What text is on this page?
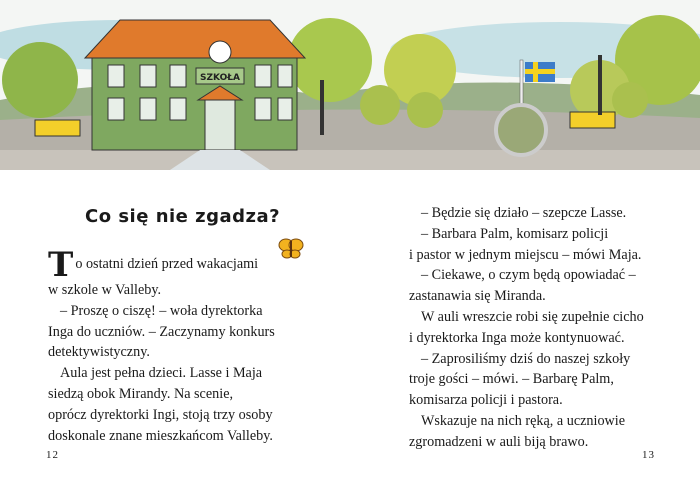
SZKOŁA
Co się nie zgadza?
To ostatni dzień przed wakacjami
w szkole w Valleby.
– Proszę o ciszę! – woła dyrektorka
Inga do uczniów. – Zaczynamy konkurs
detektywistyczny.
Aula jest pełna dzieci. Lasse i Maja
siedzą obok Mirandy. Na scenie,
oprócz dyrektorki Ingi, stoją trzy osoby
doskonale znane mieszkańcom Valleby.
– Będzie się działo – szepcze Lasse.
– Barbara Palm, komisarz policji
i pastor w jednym miejscu – mówi Maja.
– Ciekawe, o czym będą opowiadać –
zastanawia się Miranda.
W auli wreszcie robi się zupełnie cicho
i dyrektorka Inga może kontynuować.
– Zaprosiliśmy dziś do naszej szkoły
troje gości – mówi. – Barbarę Palm,
komisarza policji i pastora.
Wskazuje na nich ręką, a uczniowie
zgromadzeni w auli biją brawo.
12	13
